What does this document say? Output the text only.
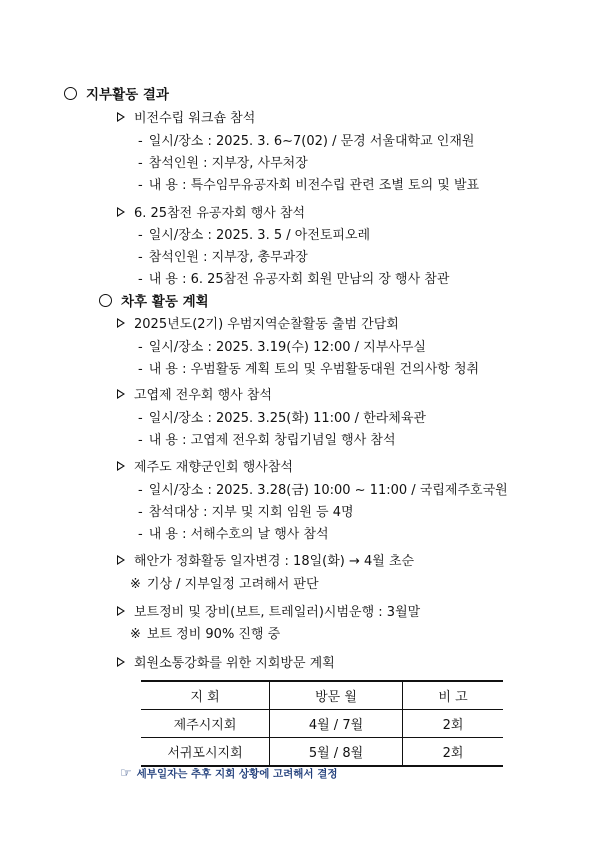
지부활동 결과
비전수립 워크숍 참석
- 일시/장소 : 2025. 3. 6∼7(02) / 문경 서울대학교 인재원
- 참석인원 : 지부장, 사무처장
- 내 용 : 특수임무유공자회 비전수립 관련 조별 토의 및 발표
6. 25참전 유공자회 행사 참석
- 일시/장소 : 2025. 3. 5 / 아전토피오레
- 참석인원 : 지부장, 총무과장
- 내 용 : 6. 25참전 유공자회 회원 만남의 장 행사 참관
차후 활동 계획
2025년도(2기) 우범지역순찰활동 출범 간담회
- 일시/장소 : 2025. 3.19(수) 12:00 / 지부사무실
- 내 용 : 우범활동 계획 토의 및 우범활동대원 건의사항 청취
고엽제 전우회 행사 참석
- 일시/장소 : 2025. 3.25(화) 11:00 / 한라체육관
- 내 용 : 고엽제 전우회 창립기념일 행사 참석
제주도 재향군인회 행사참석
- 일시/장소 : 2025. 3.28(금) 10:00 ~ 11:00 / 국립제주호국원
- 참석대상 : 지부 및 지회 임원 등 4명
- 내 용 : 서해수호의 날 행사 참석
해안가 정화활동 일자변경 : 18일(화) → 4월 초순
※ 기상 / 지부일정 고려해서 판단
보트정비 및 장비(보트, 트레일러)시범운행 : 3월말
※ 보트 정비 90% 진행 중
회원소통강화를 위한 지회방문 계획
지 회	방문 월	비 고
제주시지회	4월 / 7월	2회
서귀포시지회	5월 / 8월	2회
☞ 세부일자는 추후 지회 상황에 고려해서 결정
